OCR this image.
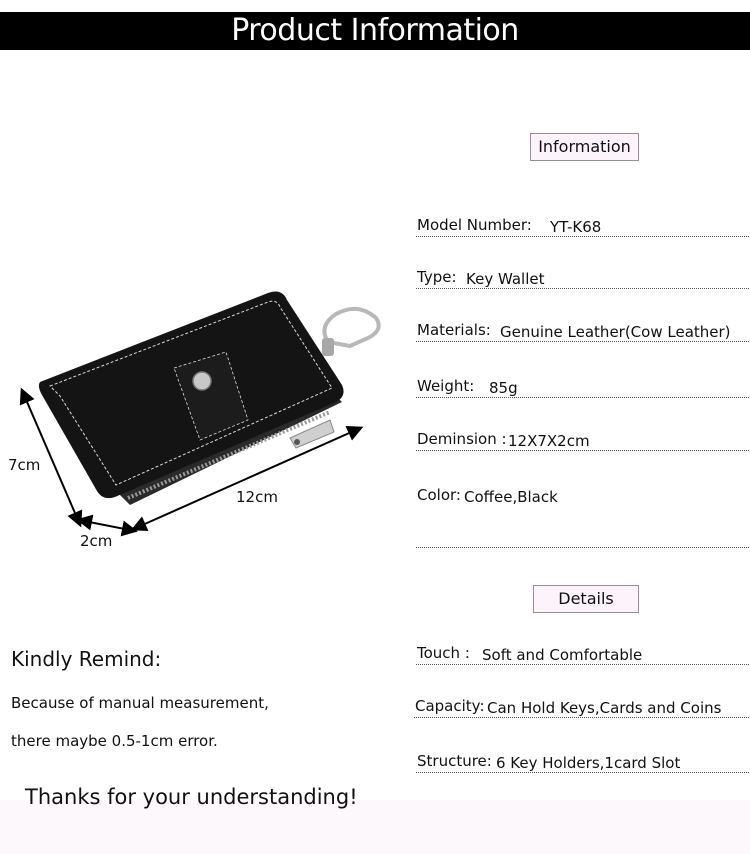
Product Information
7cm
12cm
2cm
Information
Model Number: YT-K68
Type: Key Wallet
Materials: Genuine Leather(Cow Leather)
Weight: 85g
Deminsion : 12X7X2cm
Color: Coffee,Black
Details
Touch : Soft and Comfortable
Capacity: Can Hold Keys,Cards and Coins
Structure: 6 Key Holders,1card Slot
Kindly Remind:
Because of manual measurement,
there maybe 0.5-1cm error.
Thanks for your understanding!
